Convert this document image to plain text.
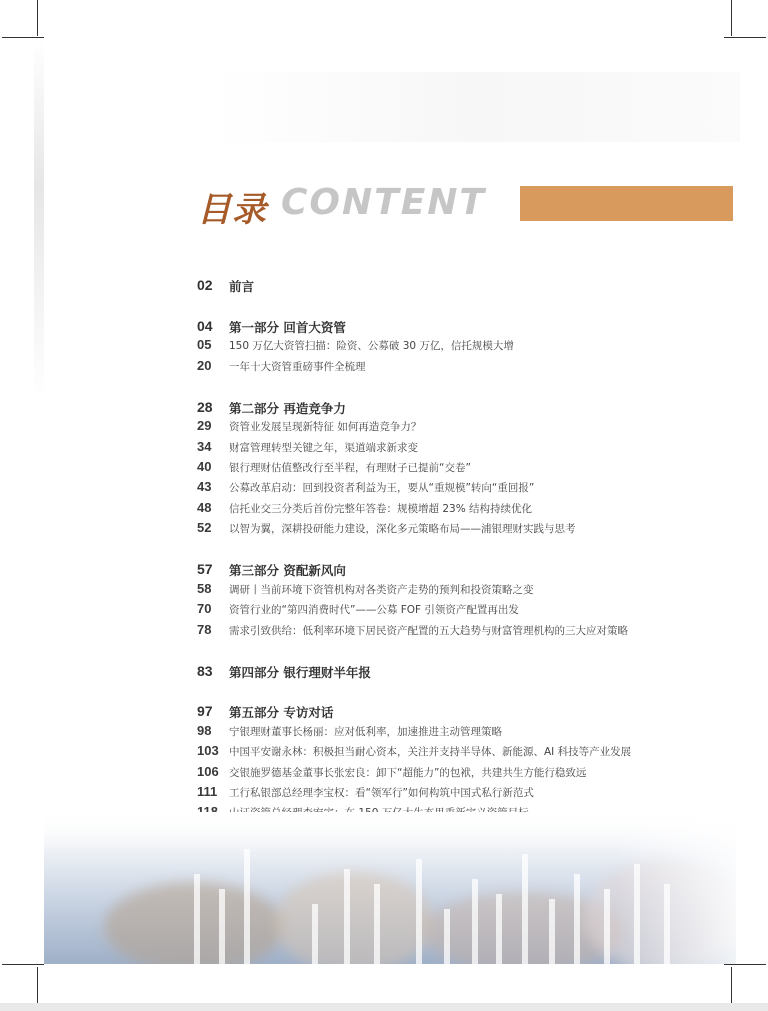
目录 CONTENT
02	前言
04	第一部分 回首大资管
05	150 万亿大资管扫描：险资、公募破 30 万亿，信托规模大增
20	一年十大资管重磅事件全梳理
28	第二部分 再造竞争力
29	资管业发展呈现新特征 如何再造竞争力？
34	财富管理转型关键之年，渠道端求新求变
40	银行理财估值整改行至半程，有理财子已提前“交卷”
43	公募改革启动：回到投资者利益为王，要从“重规模”转向“重回报”
48	信托业交三分类后首份完整年答卷：规模增超 23% 结构持续优化
52	以智为翼，深耕投研能力建设，深化多元策略布局——浦银理财实践与思考
57	第三部分 资配新风向
58	调研丨当前环境下资管机构对各类资产走势的预判和投资策略之变
70	资管行业的“第四消费时代”——公募 FOF 引领资产配置再出发
78	需求引致供给：低利率环境下居民资产配置的五大趋势与财富管理机构的三大应对策略
83	第四部分 银行理财半年报
97	第五部分 专访对话
98	宁银理财董事长杨丽：应对低利率，加速推进主动管理策略
103 中国平安谢永林：积极担当耐心资本，关注并支持半导体、新能源、AI 科技等产业发展
106 交银施罗德基金董事长张宏良：卸下“超能力”的包袱，共建共生方能行稳致远
111	工行私银部总经理李宝权：看“领军行”如何构筑中国式私行新范式
